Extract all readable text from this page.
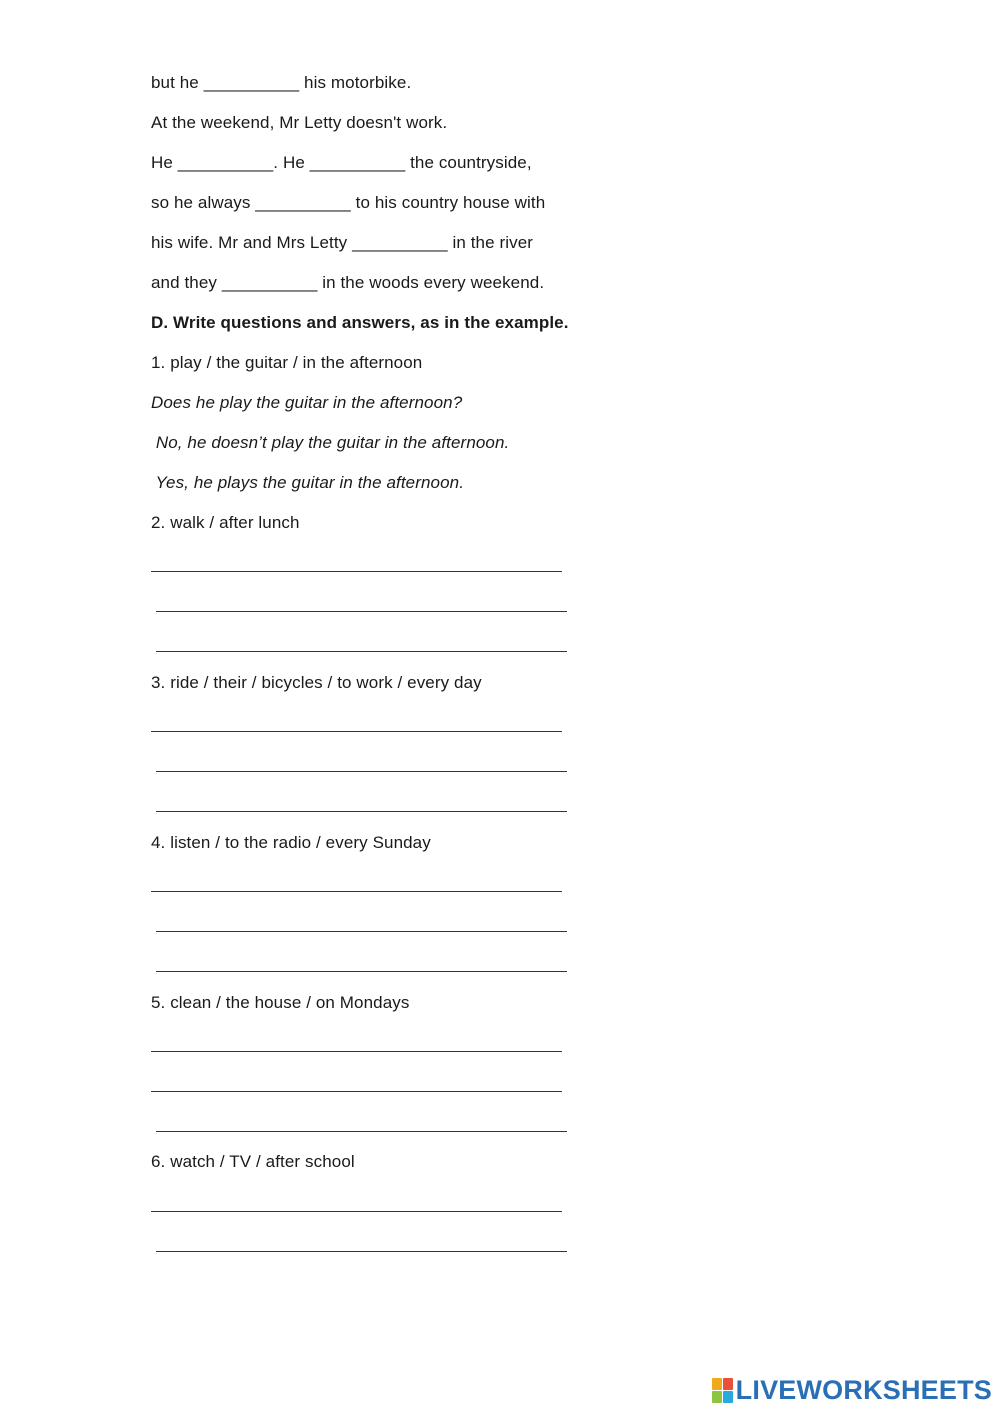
but he __________ his motorbike.
At the weekend, Mr Letty doesn't work.
He __________. He __________ the countryside,
so he always __________ to his country house with
his wife. Mr and Mrs Letty __________ in the river
and they __________ in the woods every weekend.
D. Write questions and answers, as in the example.
1. play / the guitar / in the afternoon
Does he play the guitar in the afternoon?
No, he doesn’t play the guitar in the afternoon.
Yes, he plays the guitar in the afternoon.
2. walk / after lunch
3. ride / their / bicycles / to work / every day
4. listen / to the radio / every Sunday
5. clean / the house / on Mondays
6. watch / TV / after school
LIVEWORKSHEETS
